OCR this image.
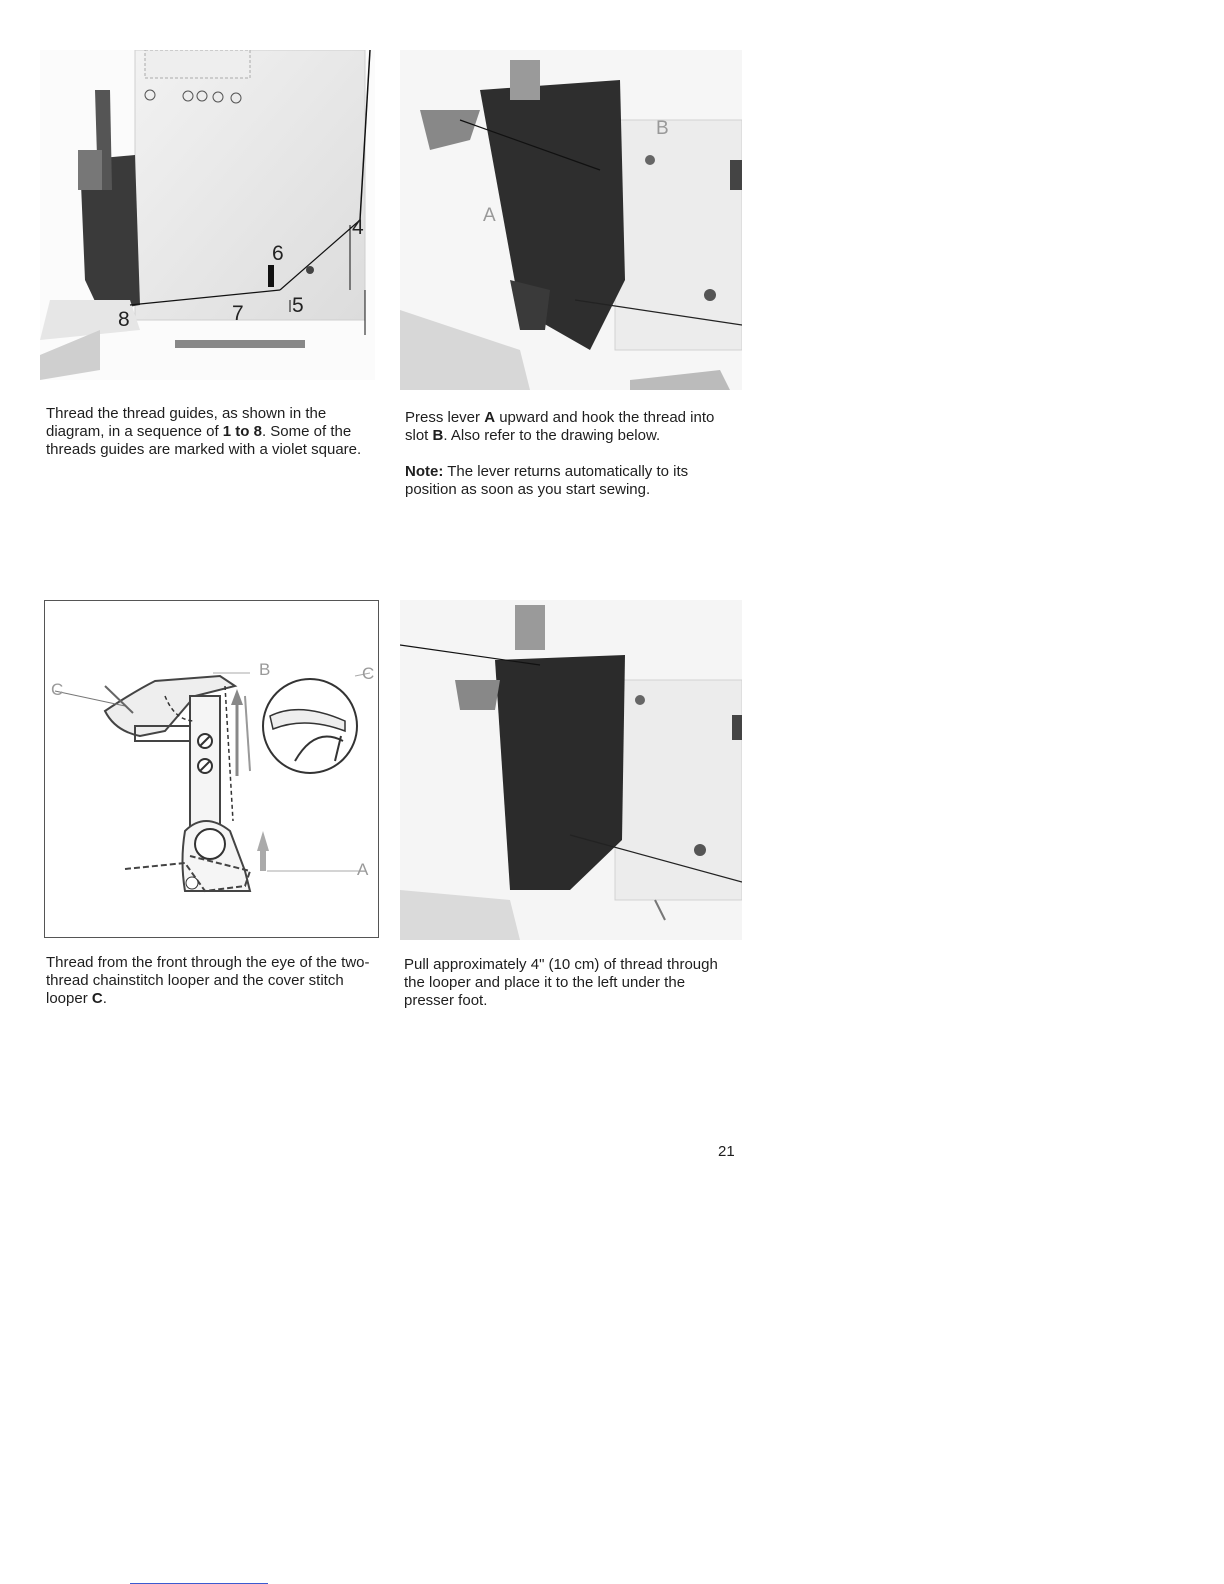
4
5
6
7
8

Thread the thread guides, as shown in the diagram, in a sequence of 1 to 8. Some of the threads guides are marked with a violet square.

A
B

Press lever A upward and hook the thread into slot B. Also refer to the drawing below.

Note: The lever returns automatically to its position as soon as you start sewing.

C
B	C
A

Thread from the front through the eye of the two-thread chainstitch looper and the cover stitch looper C.

Pull approximately 4" (10 cm) of thread through the looper and place it to the left under the presser foot.

21
